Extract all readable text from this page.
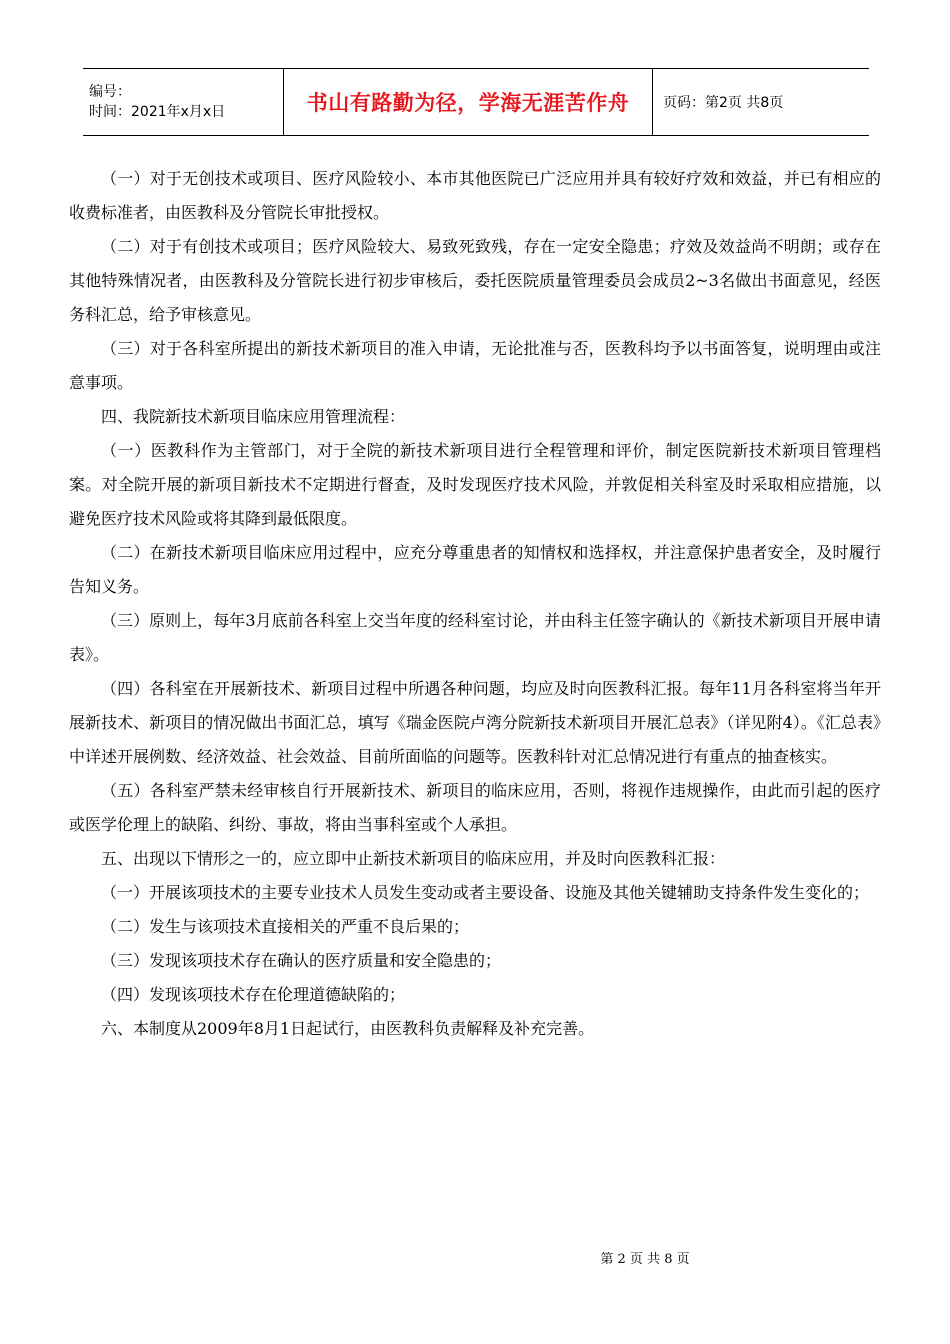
编号：
时间：2021年x月x日	书山有路勤为径，学海无涯苦作舟 页码：第2页 共8页

（一）对于无创技术或项目、医疗风险较小、本市其他医院已广泛应用并具有较好疗效和效益，并已有相应的收费标准者，由医教科及分管院长审批授权。

（二）对于有创技术或项目；医疗风险较大、易致死致残，存在一定安全隐患；疗效及效益尚不明朗；或存在其他特殊情况者，由医教科及分管院长进行初步审核后，委托医院质量管理委员会成员2~3名做出书面意见，经医务科汇总，给予审核意见。

（三）对于各科室所提出的新技术新项目的准入申请，无论批准与否，医教科均予以书面答复，说明理由或注意事项。

四、我院新技术新项目临床应用管理流程：

（一）医教科作为主管部门，对于全院的新技术新项目进行全程管理和评价，制定医院新技术新项目管理档案。对全院开展的新项目新技术不定期进行督查，及时发现医疗技术风险，并敦促相关科室及时采取相应措施，以避免医疗技术风险或将其降到最低限度。

（二）在新技术新项目临床应用过程中，应充分尊重患者的知情权和选择权，并注意保护患者安全，及时履行告知义务。

（三）原则上，每年3月底前各科室上交当年度的经科室讨论，并由科主任签字确认的《新技术新项目开展申请表》。

（四）各科室在开展新技术、新项目过程中所遇各种问题，均应及时向医教科汇报。每年11月各科室将当年开展新技术、新项目的情况做出书面汇总，填写《瑞金医院卢湾分院新技术新项目开展汇总表》（详见附4）。《汇总表》中详述开展例数、经济效益、社会效益、目前所面临的问题等。医教科针对汇总情况进行有重点的抽查核实。

（五）各科室严禁未经审核自行开展新技术、新项目的临床应用，否则，将视作违规操作，由此而引起的医疗或医学伦理上的缺陷、纠纷、事故，将由当事科室或个人承担。

五、出现以下情形之一的，应立即中止新技术新项目的临床应用，并及时向医教科汇报：

（一）开展该项技术的主要专业技术人员发生变动或者主要设备、设施及其他关键辅助支持条件发生变化的；

（二）发生与该项技术直接相关的严重不良后果的；

（三）发现该项技术存在确认的医疗质量和安全隐患的；

（四）发现该项技术存在伦理道德缺陷的；

六、本制度从2009年8月1日起试行，由医教科负责解释及补充完善。

第 2 页 共 8 页
